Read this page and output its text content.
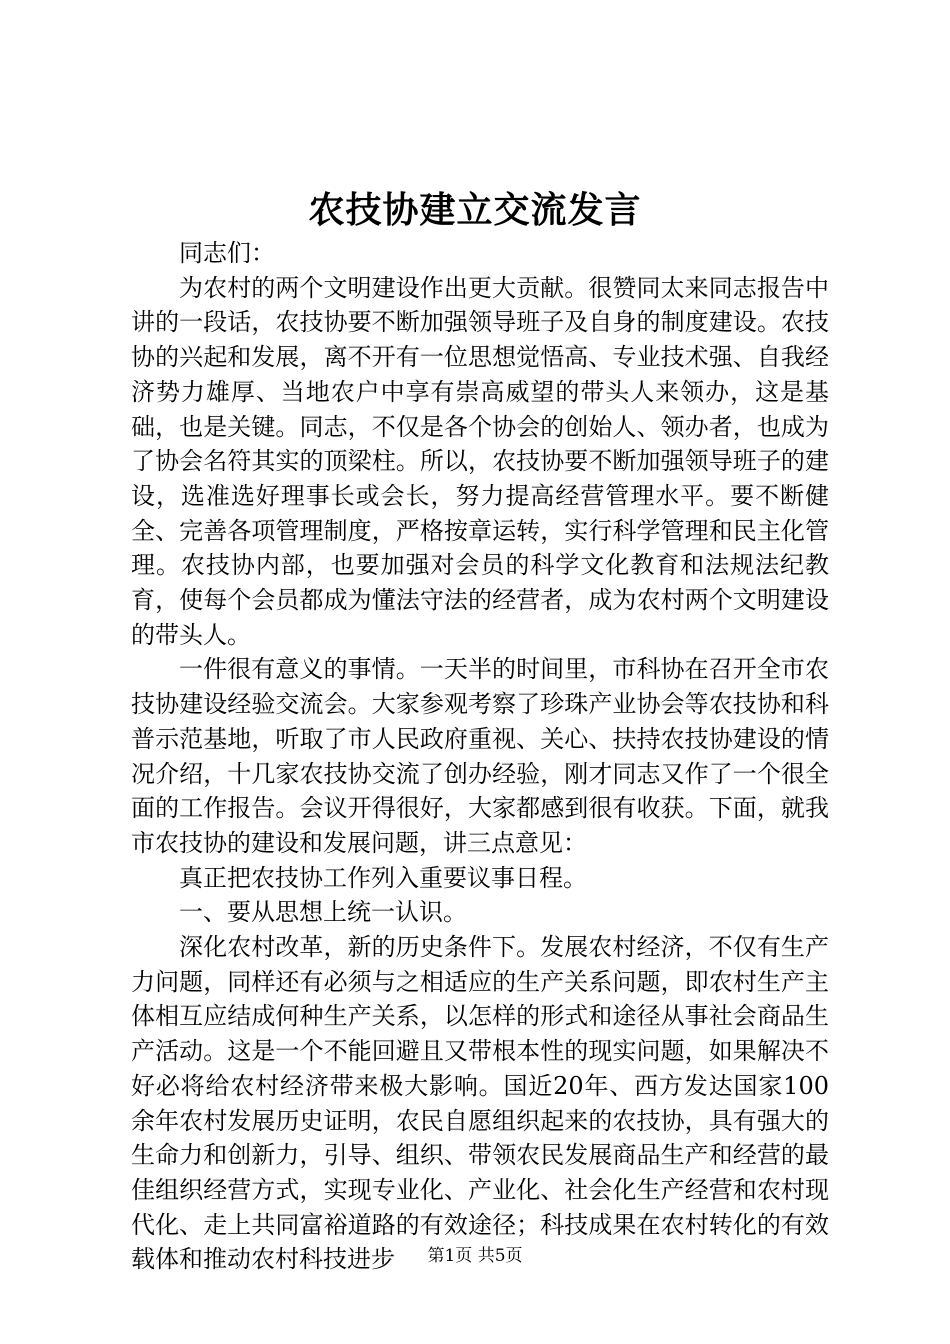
农技协建立交流发言

同志们：

为农村的两个文明建设作出更大贡献。很赞同太来同志报告中讲的一段话，农技协要不断加强领导班子及自身的制度建设。农技协的兴起和发展，离不开有一位思想觉悟高、专业技术强、自我经济势力雄厚、当地农户中享有崇高威望的带头人来领办，这是基础，也是关键。同志，不仅是各个协会的创始人、领办者，也成为了协会名符其实的顶梁柱。所以，农技协要不断加强领导班子的建设，选准选好理事长或会长，努力提高经营管理水平。要不断健全、完善各项管理制度，严格按章运转，实行科学管理和民主化管理。农技协内部，也要加强对会员的科学文化教育和法规法纪教育，使每个会员都成为懂法守法的经营者，成为农村两个文明建设的带头人。

一件很有意义的事情。一天半的时间里，市科协在召开全市农技协建设经验交流会。大家参观考察了珍珠产业协会等农技协和科普示范基地，听取了市人民政府重视、关心、扶持农技协建设的情况介绍，十几家农技协交流了创办经验，刚才同志又作了一个很全面的工作报告。会议开得很好，大家都感到很有收获。下面，就我市农技协的建设和发展问题，讲三点意见：

真正把农技协工作列入重要议事日程。

一、要从思想上统一认识。

深化农村改革，新的历史条件下。发展农村经济，不仅有生产力问题，同样还有必须与之相适应的生产关系问题，即农村生产主体相互应结成何种生产关系，以怎样的形式和途径从事社会商品生产活动。这是一个不能回避且又带根本性的现实问题，如果解决不好必将给农村经济带来极大影响。国近20年、西方发达国家100余年农村发展历史证明，农民自愿组织起来的农技协，具有强大的生命力和创新力，引导、组织、带领农民发展商品生产和经营的最佳组织经营方式，实现专业化、产业化、社会化生产经营和农村现代化、走上共同富裕道路的有效途径；科技成果在农村转化的有效载体和推动农村科技进步	第1页 共5页
